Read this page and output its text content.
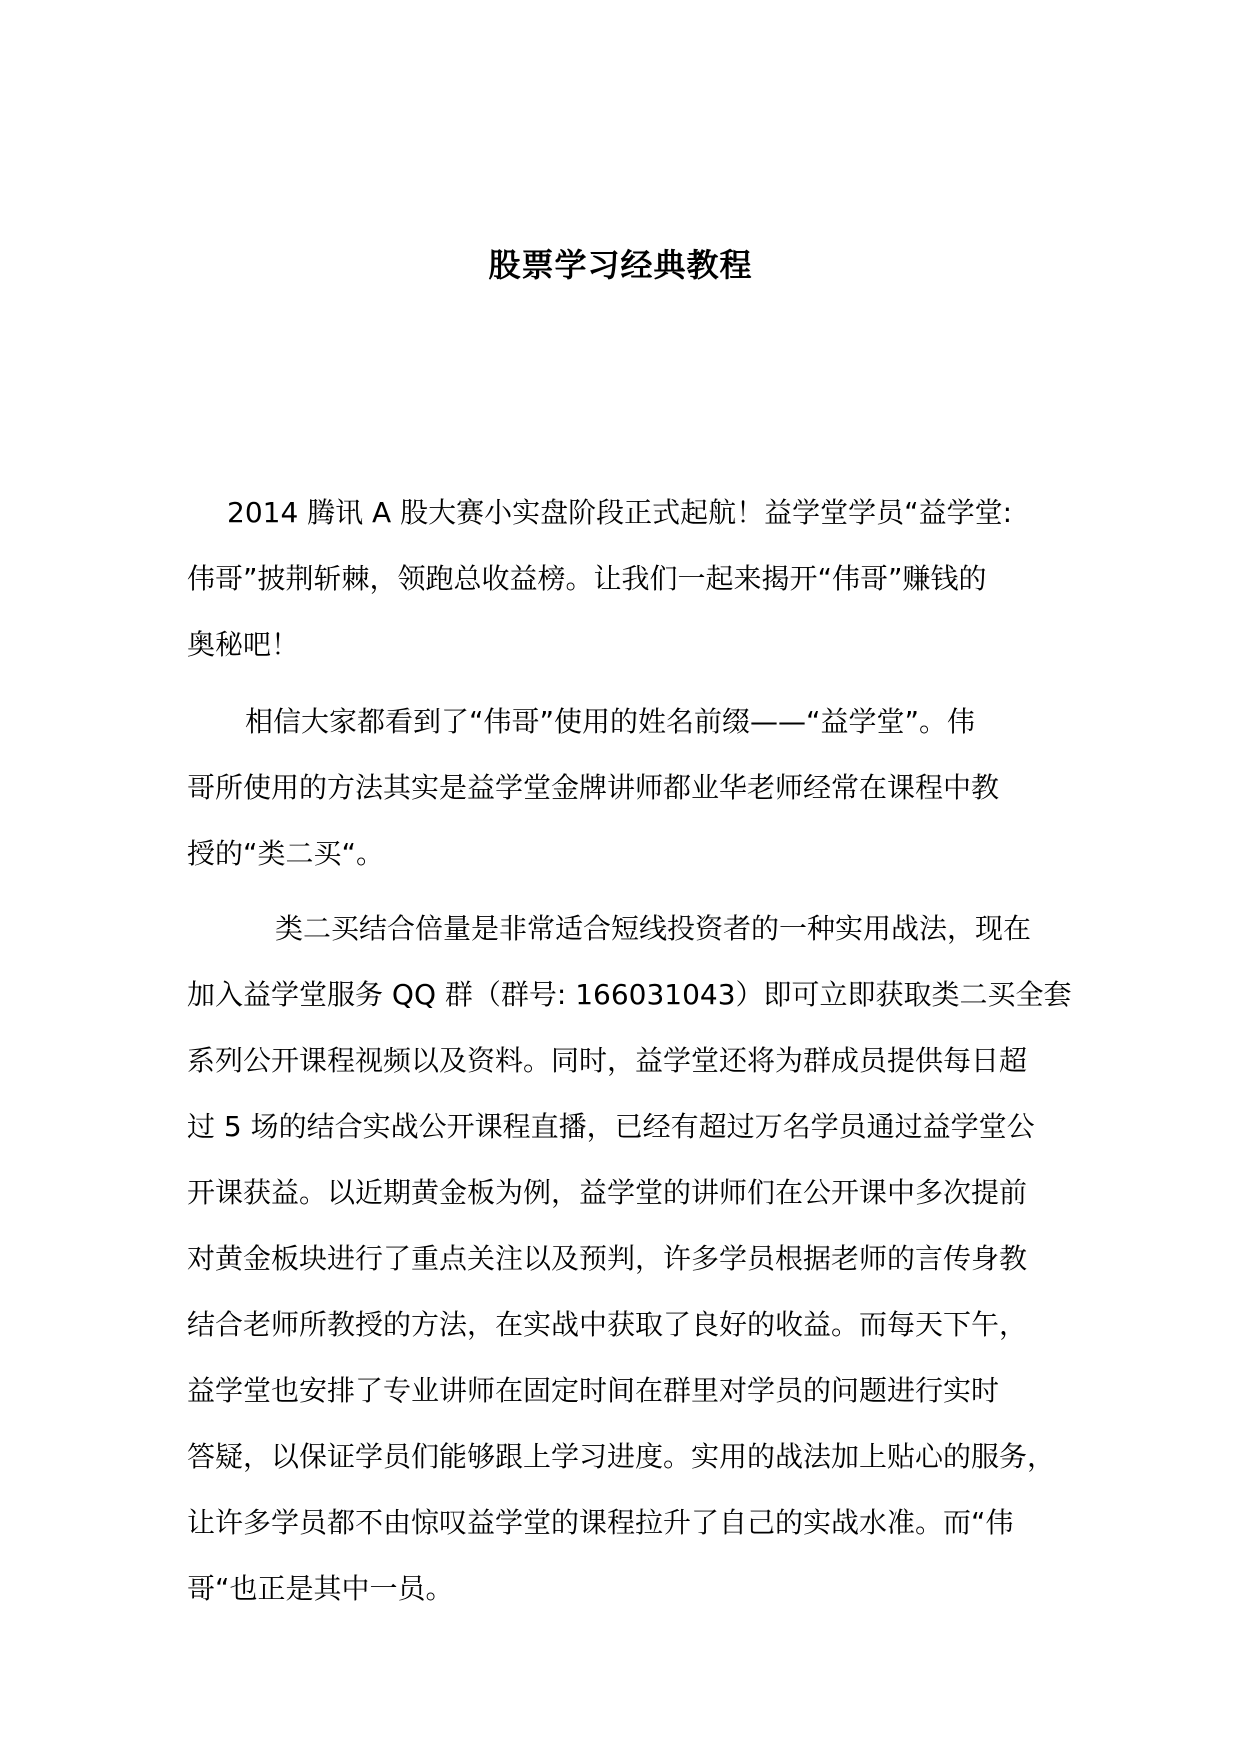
股票学习经典教程
2014 腾讯 A 股大赛小实盘阶段正式起航！益学堂学员“益学堂:
伟哥”披荆斩棘，领跑总收益榜。让我们一起来揭开“伟哥”赚钱的
奥秘吧！
相信大家都看到了“伟哥”使用的姓名前缀——“益学堂”。伟
哥所使用的方法其实是益学堂金牌讲师都业华老师经常在课程中教
授的“类二买“。
类二买结合倍量是非常适合短线投资者的一种实用战法，现在
加入益学堂服务 QQ 群（群号: 166031043）即可立即获取类二买全套
系列公开课程视频以及资料。同时，益学堂还将为群成员提供每日超
过 5 场的结合实战公开课程直播，已经有超过万名学员通过益学堂公
开课获益。以近期黄金板为例，益学堂的讲师们在公开课中多次提前
对黄金板块进行了重点关注以及预判，许多学员根据老师的言传身教
结合老师所教授的方法，在实战中获取了良好的收益。而每天下午，
益学堂也安排了专业讲师在固定时间在群里对学员的问题进行实时
答疑，以保证学员们能够跟上学习进度。实用的战法加上贴心的服务，
让许多学员都不由惊叹益学堂的课程拉升了自己的实战水准。而“伟
哥“也正是其中一员。
